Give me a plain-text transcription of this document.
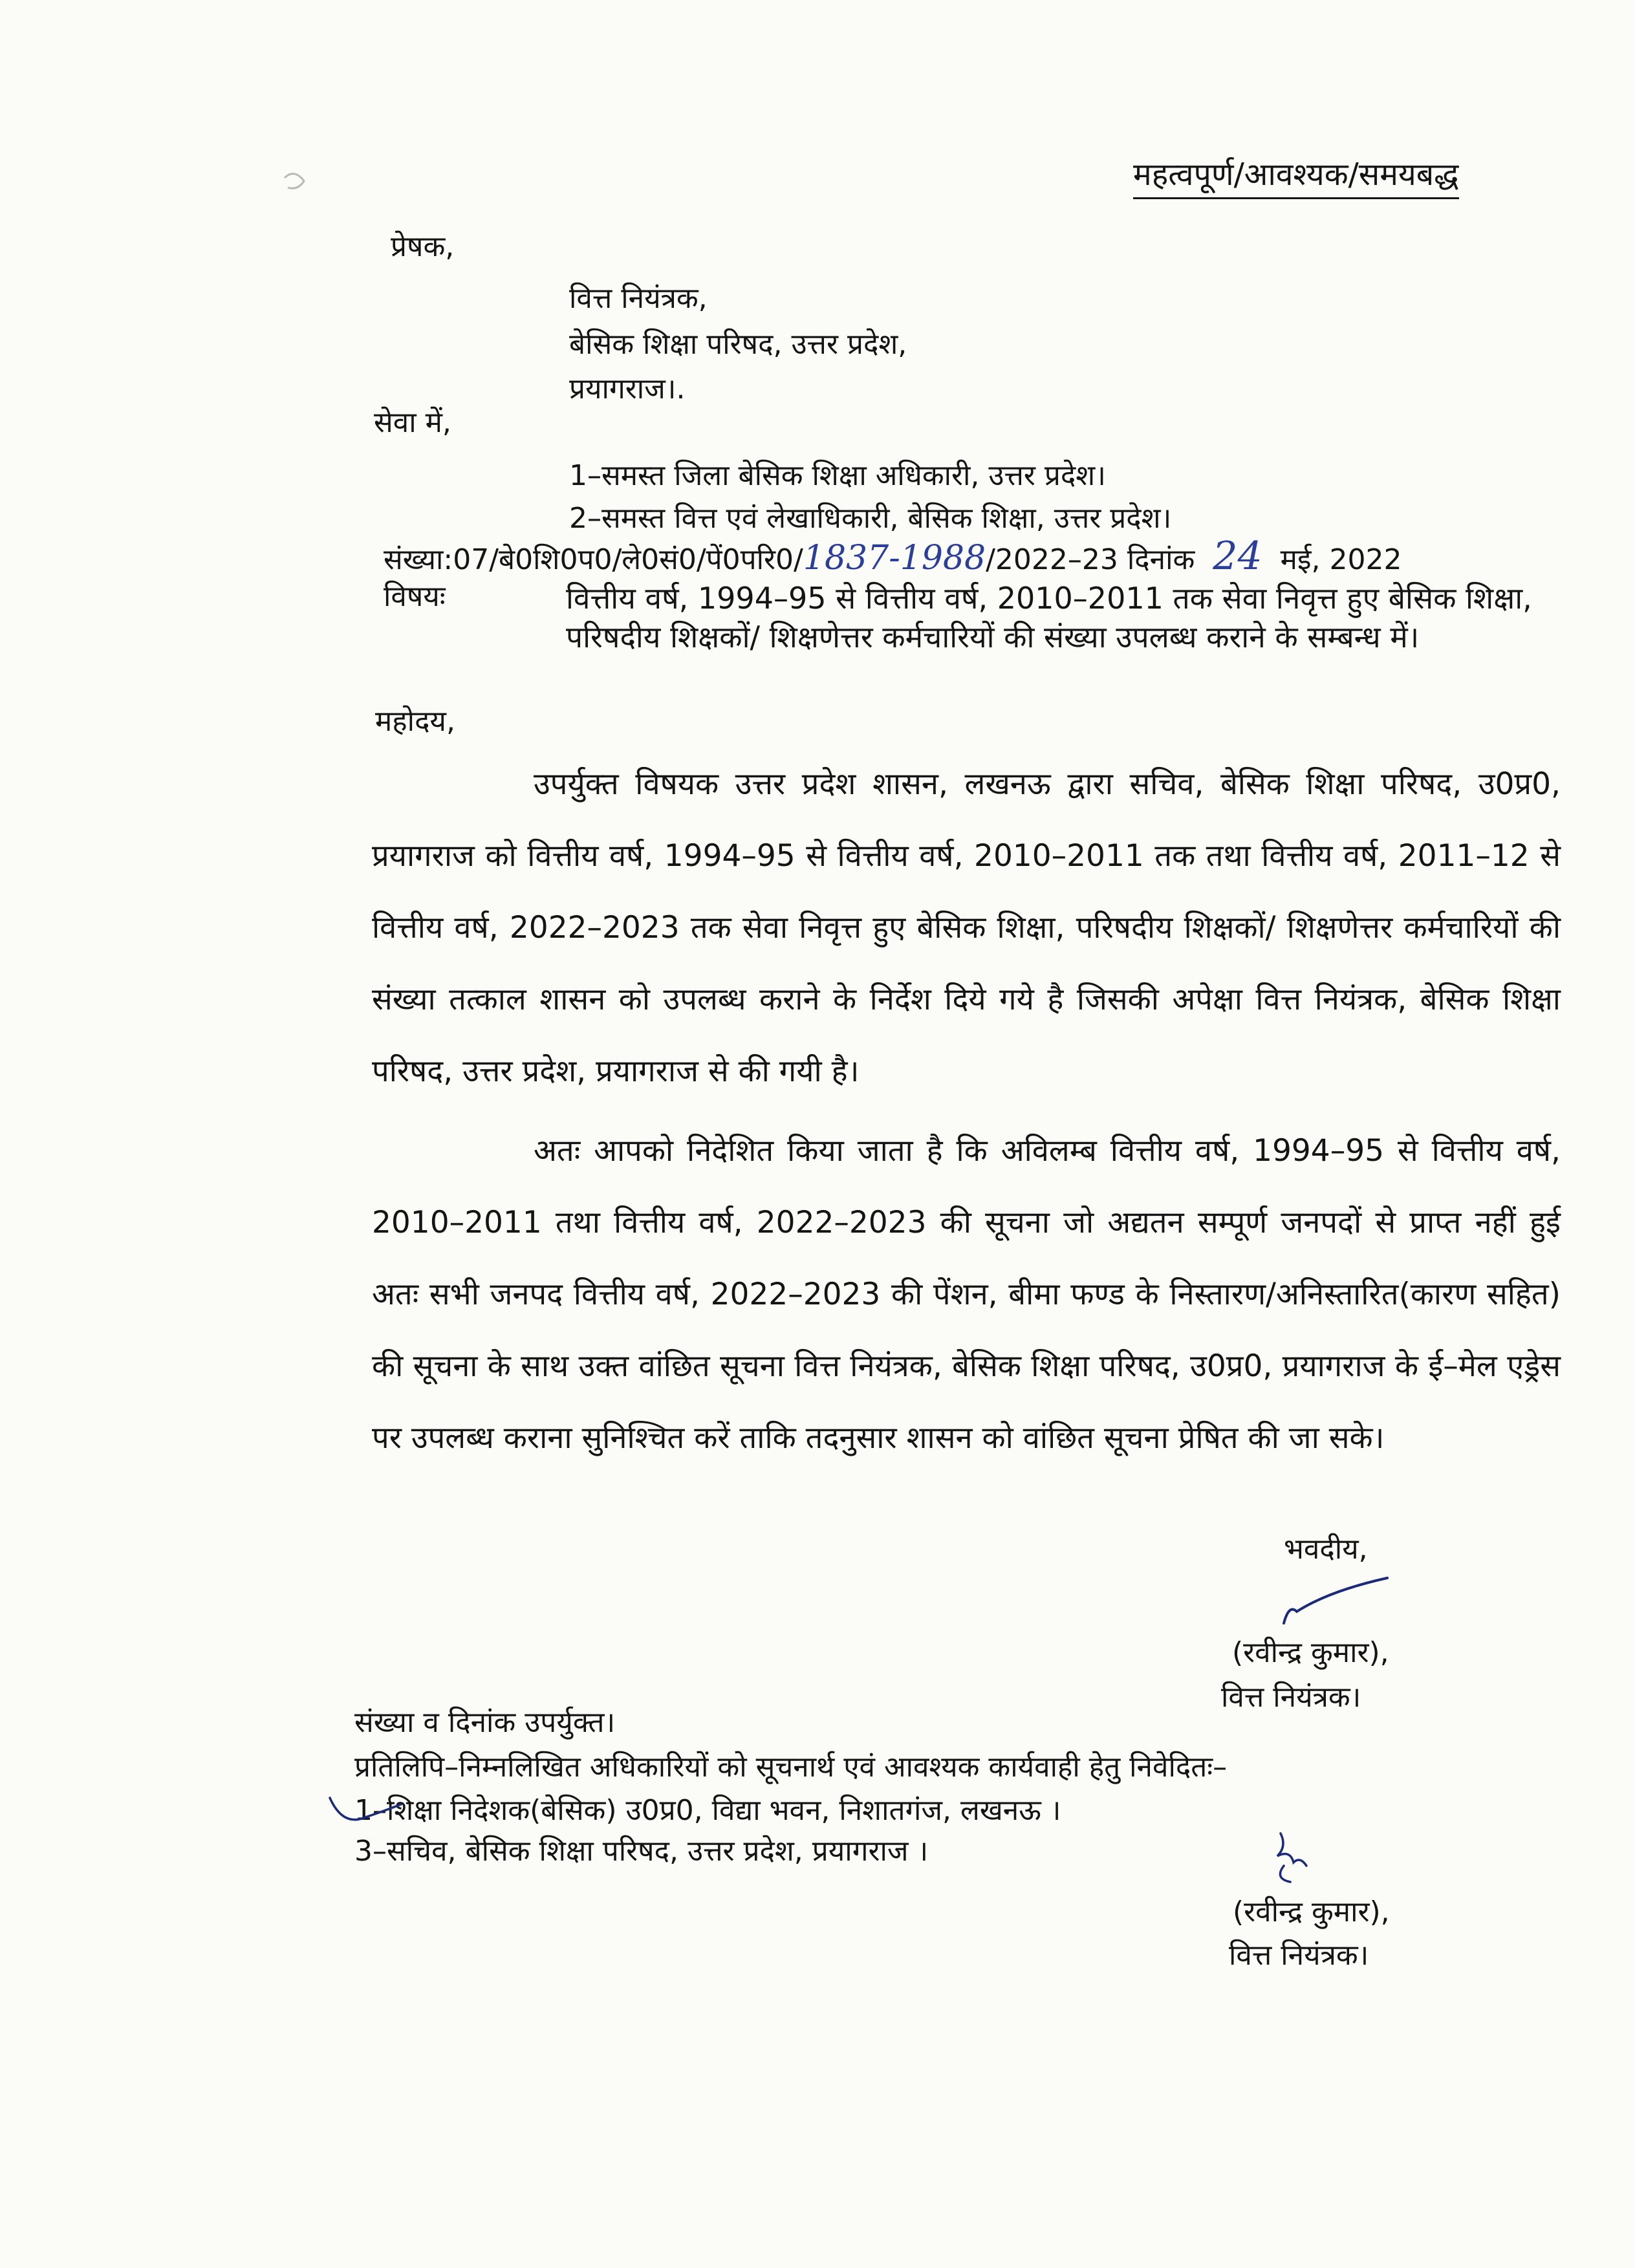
महत्वपूर्ण/आवश्यक/समयबद्ध
प्रेषक,
वित्त नियंत्रक,
बेसिक शिक्षा परिषद, उत्तर प्रदेश,
प्रयागराज।.
सेवा में,
1–समस्त जिला बेसिक शिक्षा अधिकारी, उत्तर प्रदेश।
2–समस्त वित्त एवं लेखाधिकारी, बेसिक शिक्षा, उत्तर प्रदेश।
संख्या:07/बे0शि0प0/ले0सं0/पें0परि0/1837-1988/2022–23 दिनांक 24 मई, 2022
विषयः	वित्तीय वर्ष, 1994–95 से वित्तीय वर्ष, 2010–2011 तक सेवा निवृत्त हुए बेसिक शिक्षा, परिषदीय शिक्षकों/ शिक्षणेत्तर कर्मचारियों की संख्या उपलब्ध कराने के सम्बन्ध में।
महोदय,
उपर्युक्त विषयक उत्तर प्रदेश शासन, लखनऊ द्वारा सचिव, बेसिक शिक्षा परिषद, उ0प्र0, प्रयागराज को वित्तीय वर्ष, 1994–95 से वित्तीय वर्ष, 2010–2011 तक तथा वित्तीय वर्ष, 2011–12 से वित्तीय वर्ष, 2022–2023 तक सेवा निवृत्त हुए बेसिक शिक्षा, परिषदीय शिक्षकों/ शिक्षणेत्तर कर्मचारियों की संख्या तत्काल शासन को उपलब्ध कराने के निर्देश दिये गये है जिसकी अपेक्षा वित्त नियंत्रक, बेसिक शिक्षा परिषद, उत्तर प्रदेश, प्रयागराज से की गयी है।
अतः आपको निदेशित किया जाता है कि अविलम्ब वित्तीय वर्ष, 1994–95 से वित्तीय वर्ष, 2010–2011 तथा वित्तीय वर्ष, 2022–2023 की सूचना जो अद्यतन सम्पूर्ण जनपदों से प्राप्त नहीं हुई अतः सभी जनपद वित्तीय वर्ष, 2022–2023 की पेंशन, बीमा फण्ड के निस्तारण/अनिस्तारित(कारण सहित) की सूचना के साथ उक्त वांछित सूचना वित्त नियंत्रक, बेसिक शिक्षा परिषद, उ0प्र0, प्रयागराज के ई–मेल एड्रेस पर उपलब्ध कराना सुनिश्चित करें ताकि तदनुसार शासन को वांछित सूचना प्रेषित की जा सके।
भवदीय,
(रवीन्द्र कुमार),
वित्त नियंत्रक।
संख्या व दिनांक उपर्युक्त।
प्रतिलिपि–निम्नलिखित अधिकारियों को सूचनार्थ एवं आवश्यक कार्यवाही हेतु निवेदितः–
1–शिक्षा निदेशक(बेसिक) उ0प्र0, विद्या भवन, निशातगंज, लखनऊ ।
3–सचिव, बेसिक शिक्षा परिषद, उत्तर प्रदेश, प्रयागराज ।
(रवीन्द्र कुमार),
वित्त नियंत्रक।
